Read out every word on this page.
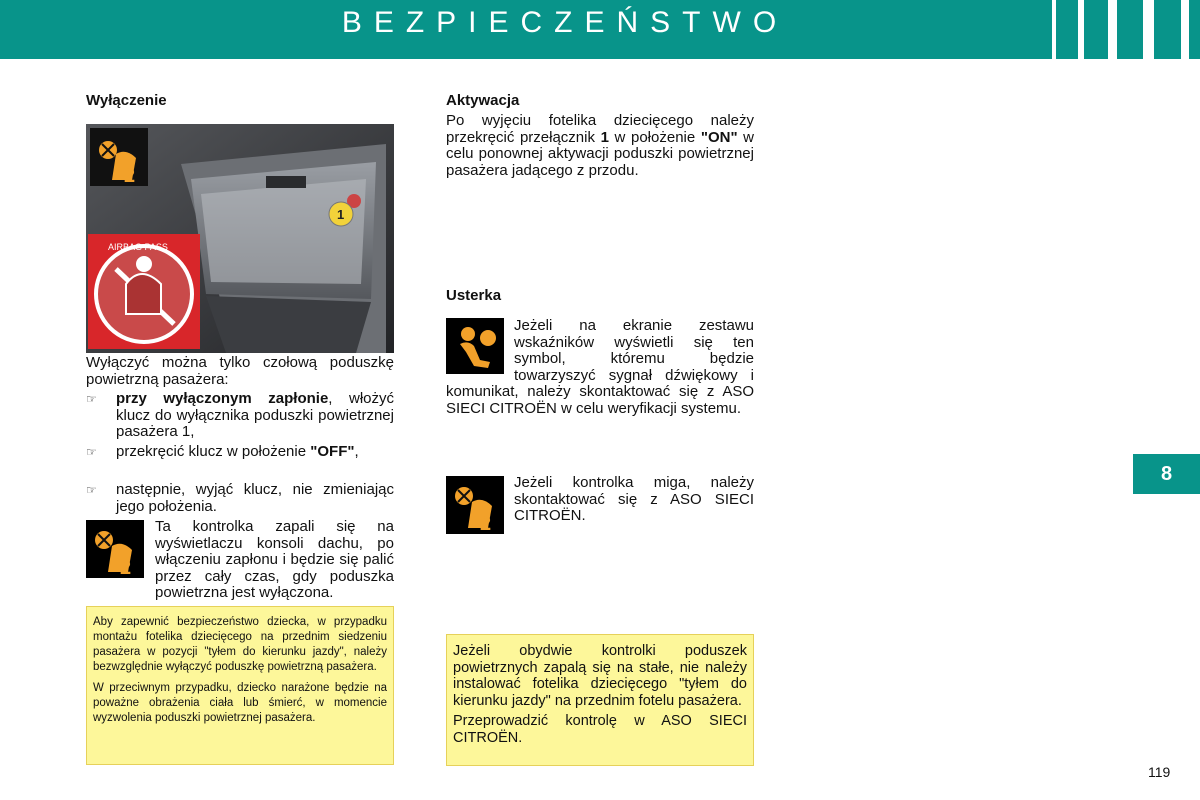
BEZPIECZEŃSTWO
8
119
Wyłączenie
1
2
AIRBAG PASS
Wyłączyć można tylko czołową poduszkę powietrzną pasażera:
☞	przy wyłączonym zapłonie, włożyć klucz do wyłącznika poduszki powietrznej pasażera 1,
☞	przekręcić klucz w położenie "OFF",
☞	następnie, wyjąć klucz, nie zmieniając jego położenia.
2
Ta kontrolka zapali się na wyświetlaczu konsoli dachu, po włączeniu zapłonu i będzie się palić przez cały czas, gdy poduszka powietrzna jest wyłączona.

Aby zapewnić bezpieczeństwo dziecka, w przypadku montażu fotelika dziecięcego na przednim siedzeniu pasażera w pozycji "tyłem do kierunku jazdy", należy bezwzględnie wyłączyć poduszkę powietrzną pasażera.

W przeciwnym przypadku, dziecko narażone będzie na poważne obrażenia ciała lub śmierć, w momencie wyzwolenia poduszki powietrznej pasażera.

Aktywacja
Po wyjęciu fotelika dziecięcego należy przekręcić przełącznik 1 w położenie "ON" w celu ponownej aktywacji poduszki powietrznej pasażera jadącego z przodu.
Usterka
Jeżeli na ekranie zestawu wskaźników wyświetli się ten symbol, któremu będzie towarzyszyć sygnał dźwiękowy i komunikat, należy skontaktować się z ASO SIECI CITROËN w celu weryfikacji systemu.
2
Jeżeli kontrolka miga, należy skontaktować się z ASO SIECI CITROËN.

Jeżeli obydwie kontrolki poduszek powietrznych zapalą się na stałe, nie należy instalować fotelika dziecięcego "tyłem do kierunku jazdy" na przednim fotelu pasażera.

Przeprowadzić kontrolę w ASO SIECI CITROËN.
